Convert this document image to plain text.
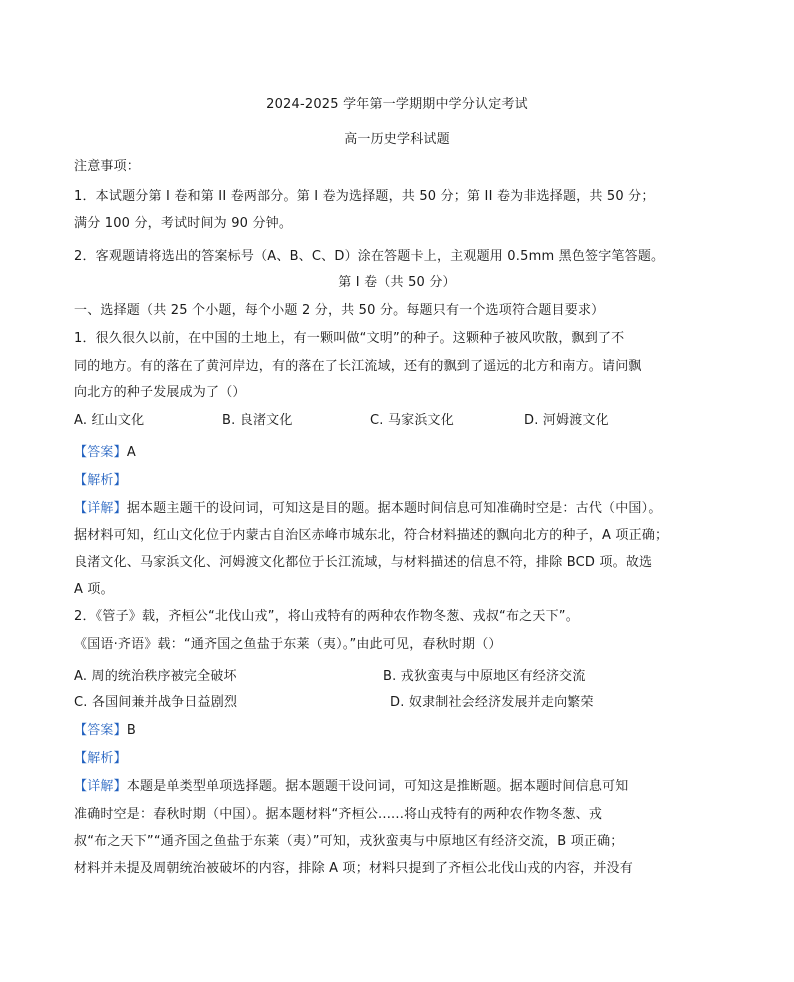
2024-2025 学年第一学期期中学分认定考试
高一历史学科试题
注意事项：
1．本试题分第 I 卷和第 II 卷两部分。第 I 卷为选择题，共 50 分；第 II 卷为非选择题，共 50 分；
满分 100 分，考试时间为 90 分钟。
2．客观题请将选出的答案标号（A、B、C、D）涂在答题卡上，主观题用 0.5mm 黑色签字笔答题。
第 I 卷（共 50 分）
一、选择题（共 25 个小题，每个小题 2 分，共 50 分。每题只有一个选项符合题目要求）
1．很久很久以前，在中国的土地上，有一颗叫做“文明”的种子。这颗种子被风吹散，飘到了不
同的地方。有的落在了黄河岸边，有的落在了长江流域，还有的飘到了遥远的北方和南方。请问飘
向北方的种子发展成为了（）
A. 红山文化	B. 良渚文化	C. 马家浜文化	D. 河姆渡文化
【答案】A
【解析】
【详解】据本题主题干的设问词，可知这是目的题。据本题时间信息可知准确时空是：古代（中国）。
据材料可知，红山文化位于内蒙古自治区赤峰市城东北，符合材料描述的飘向北方的种子，A 项正确；
良渚文化、马家浜文化、河姆渡文化都位于长江流域，与材料描述的信息不符，排除 BCD 项。故选
A 项。
2．《管子》载，齐桓公“北伐山戎”，将山戎特有的两种农作物冬葱、戎叔“布之天下”。
《国语·齐语》载：“通齐国之鱼盐于东莱（夷）。”由此可见，春秋时期（）
A. 周的统治秩序被完全破坏	B. 戎狄蛮夷与中原地区有经济交流
C. 各国间兼并战争日益剧烈	D. 奴隶制社会经济发展并走向繁荣
【答案】B
【解析】
【详解】本题是单类型单项选择题。据本题题干设问词，可知这是推断题。据本题时间信息可知
准确时空是：春秋时期（中国）。据本题材料“齐桓公......将山戎特有的两种农作物冬葱、戎
叔“布之天下”“通齐国之鱼盐于东莱（夷）”可知，戎狄蛮夷与中原地区有经济交流，B 项正确；
材料并未提及周朝统治被破坏的内容，排除 A 项；材料只提到了齐桓公北伐山戎的内容，并没有
